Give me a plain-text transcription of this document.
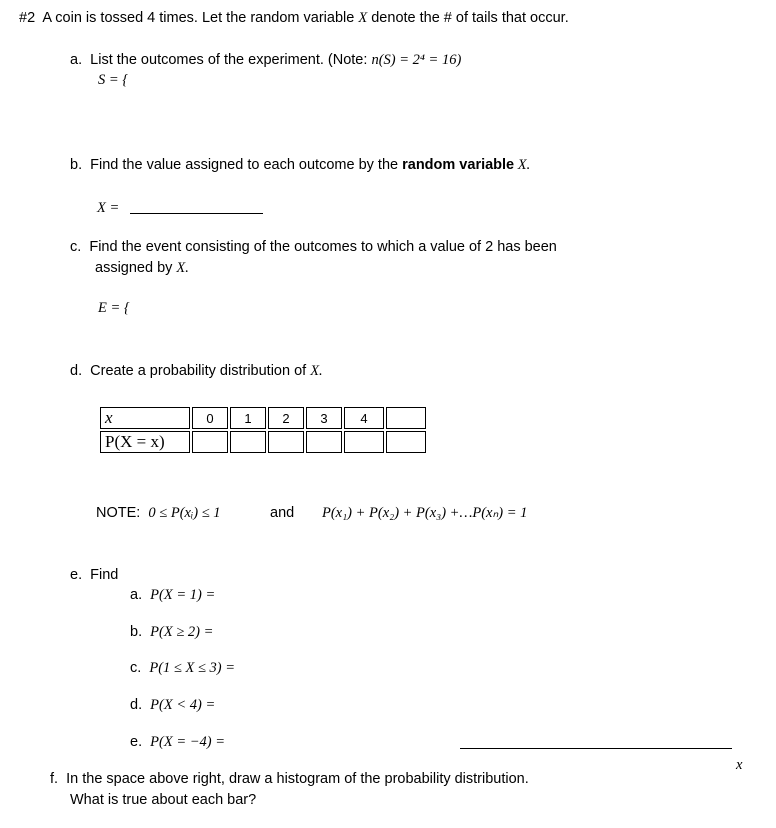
#2 A coin is tossed 4 times. Let the random variable X denote the # of tails that occur.
a. List the outcomes of the experiment. (Note: n(S) = 2⁴ = 16)
S = {
b. Find the value assigned to each outcome by the random variable X.
X =
c. Find the event consisting of the outcomes to which a value of 2 has been
assigned by X.
E = {
d. Create a probability distribution of X.
x	0	1	2	3	4	
P(X = x)						
NOTE: 0 ≤ P(xᵢ) ≤ 1	and P(x₁) + P(x₂) + P(x₃) +…P(xₙ) = 1
e. Find
a. P(X = 1) =
b. P(X ≥ 2) =
c. P(1 ≤ X ≤ 3) =
d. P(X < 4) =
e. P(X = −4) =
x
f. In the space above right, draw a histogram of the probability distribution.
What is true about each bar?
